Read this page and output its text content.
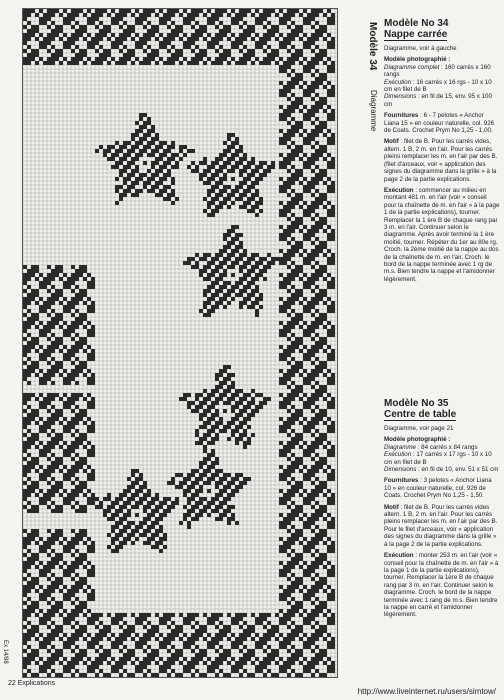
Modèle 34
Diagramme
Modèle No 34
Nappe carrée

Diagramme, voir à gauche

Modèle photographié :
Diagramme complet : 160 carrés x 160 rangs
Exécution : 16 carrés x 16 rgs - 10 x 10 cm en filet de B
Dimensions : en fil de 15, env. 95 x 100 cm

Fournitures : 6 - 7 pelotes « Anchor Liana 15 » en couleur naturelle, col. 926 de Coats. Crochet Prym No 1,25 - 1,00.

Motif : filet de B. Pour les carrés vides, altern. 1 B, 2 m. en l'air. Pour les carrés pleins remplacer les m. en l'air par des B. (filet d'arceaux, voir « application des signes du diagramme dans la grille » à la page 2 de la partie explications.

Exécution : commencer au milieu en montant 481 m. en l'air (voir « conseil pour la chaînette de m. en l'air » à la page 1 de la partie explications), tourner. Remplacer la 1 ère B de chaque rang par 3 m. en l'air. Continuer selon le diagramme. Après avoir terminé la 1 ère moitié, tourner. Répéter du 1er au 80e rg. Croch. la 2ème moitié de la nappe au dos de la chaînette de m. en l'air. Croch. le bord de la nappe terminée avec 1 rg de m.s. Bien tendre la nappe et l'amidonner légèrement.

Modèle No 35
Centre de table

Diagramme, voir page 21

Modèle photographié :
Diagramme : 84 carrés x 84 rangs
Exécution : 17 carrés x 17 rgs - 10 x 10 cm en filet de B
Dimensions : en fil de 10, env. 51 x 51 cm

Fournitures : 3 pelotes « Anchor Liana 10 » en couleur naturelle, col. 926 de Coats. Crochet Prym No 1,25 - 1,50.

Motif : filet de B. Pour les carrés vides altern. 1 B, 2 m. en l'air. Pour les carrés pleins remplacer les m. en l'air par des B. Pour le filet d'arceaux, voir « application des signes du diagramme dans la grille » à la page 2 de la partie explications.

Exécution : monter 253 m. en l'air (voir « conseil pour la chaînette de m. en l'air » à la page 1 de la partie explications), tourner. Remplacer la 1ère B de chaque rang par 3 m. en l'air. Continuer selon le diagramme. Croch. le bord de la nappe terminée avec 1 rang de m.s. Bien tendre la nappe en carré et l'amidonner légèrement.

Ex 14/88
22 Explications
http://www.liveinternet.ru/users/simtow/
